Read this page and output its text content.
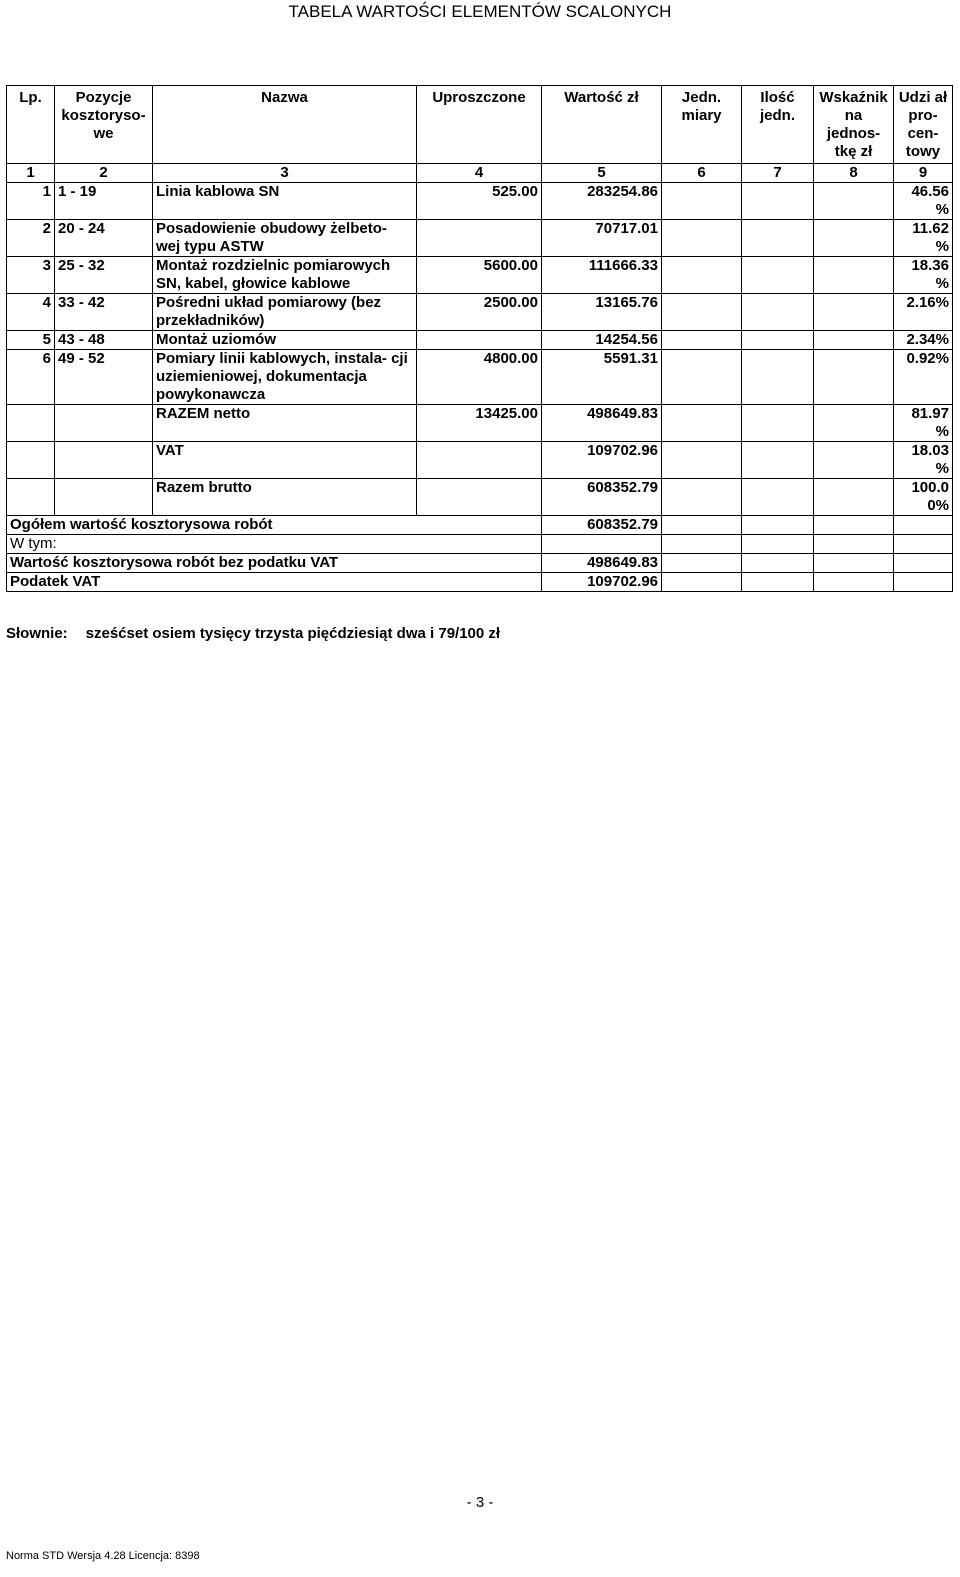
TABELA WARTOŚCI ELEMENTÓW SCALONYCH
Lp.	Pozycje kosztoryso- we	Nazwa	Uproszczone	Wartość zł	Jedn. miary	Ilość jedn.	Wskaźnik na jednos- tkę zł	Udzi ał pro- cen- towy
1	2	3	4	5	6	7	8	9
1	1 - 19	Linia kablowa SN	525.00	283254.86				46.56 %
2	20 - 24	Posadowienie obudowy żelbeto- wej typu ASTW		70717.01				11.62 %
3	25 - 32	Montaż rozdzielnic pomiarowych SN, kabel, głowice kablowe	5600.00	111666.33				18.36 %
4	33 - 42	Pośredni układ pomiarowy (bez przekładników)	2500.00	13165.76				2.16%
5	43 - 48	Montaż uziomów		14254.56				2.34%
6	49 - 52	Pomiary linii kablowych, instala- cji uziemieniowej, dokumentacja powykonawcza	4800.00	5591.31				0.92%
		RAZEM netto	13425.00	498649.83				81.97 %
		VAT		109702.96				18.03 %
		Razem brutto		608352.79				100.0 0%
Ogółem wartość kosztorysowa robót				608352.79				
W tym:								
Wartość kosztorysowa robót bez podatku VAT				498649.83				
Podatek VAT				109702.96				
Słownie: sześćset osiem tysięcy trzysta pięćdziesiąt dwa i 79/100 zł
- 3 -
Norma STD Wersja 4.28 Licencja: 8398
